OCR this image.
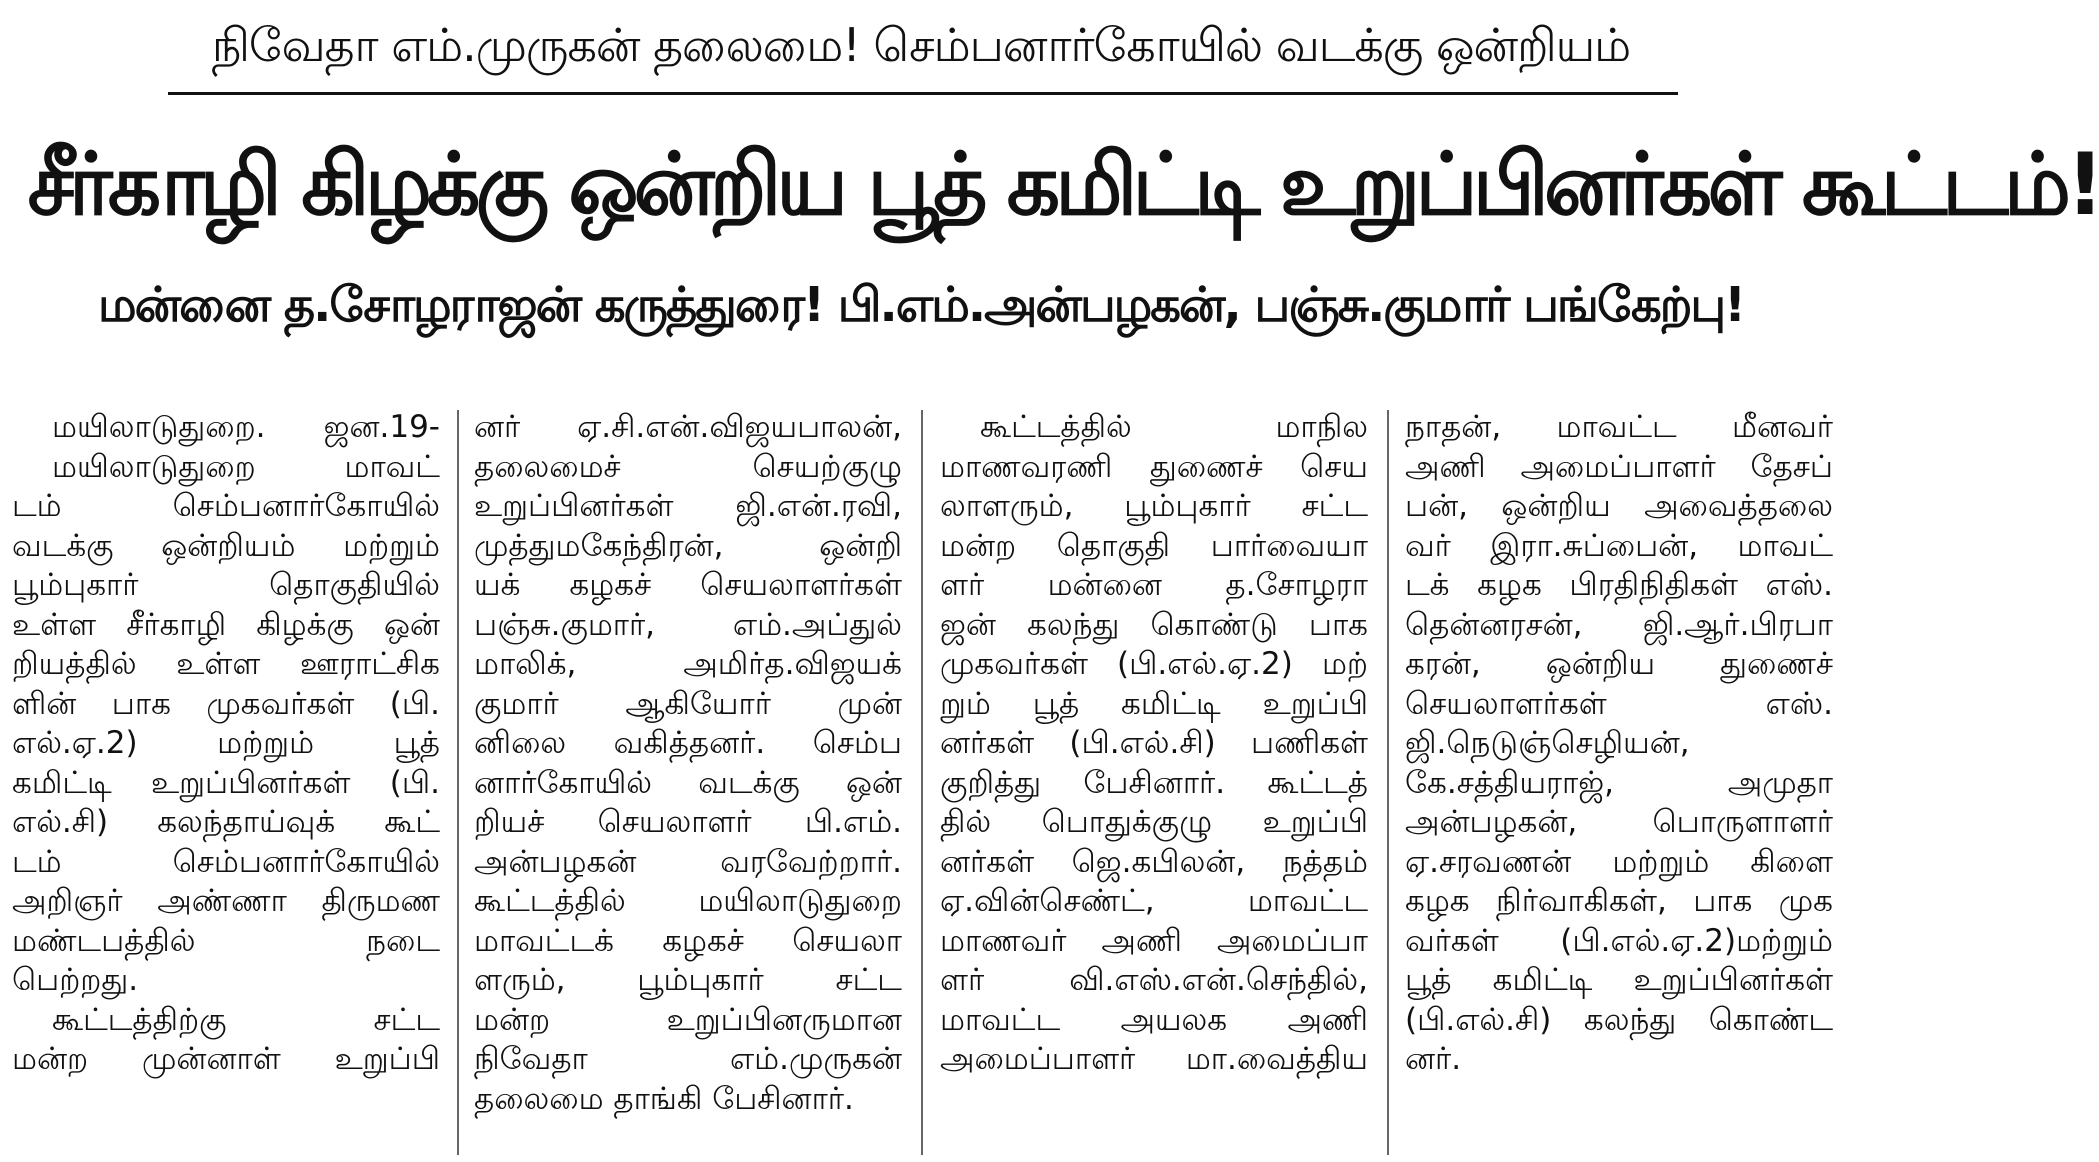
நிவேதா எம்.முருகன் தலைமை! செம்பனார்கோயில் வடக்கு ஒன்றியம்
சீர்காழி கிழக்கு ஒன்றிய பூத் கமிட்டி உறுப்பினர்கள் கூட்டம்!
மன்னை த.சோழராஜன் கருத்துரை! பி.எம்.அன்பழகன், பஞ்சு.குமார் பங்கேற்பு!
மயிலாடுதுறை. ஜன.19-
மயிலாடுதுறை மாவட்
டம் செம்பனார்கோயில்
வடக்கு ஒன்றியம் மற்றும்
பூம்புகார் தொகுதியில்
உள்ள சீர்காழி கிழக்கு ஒன்
றியத்தில் உள்ள ஊராட்சிக
ளின் பாக முகவர்கள் (பி.
எல்.ஏ.2) மற்றும் பூத்
கமிட்டி உறுப்பினர்கள் (பி.
எல்.சி) கலந்தாய்வுக் கூட்
டம் செம்பனார்கோயில்
அறிஞர் அண்ணா திருமண
மண்டபத்தில் நடை
பெற்றது.
கூட்டத்திற்கு சட்ட
மன்ற முன்னாள் உறுப்பி
னர் ஏ.சி.என்.விஜயபாலன்,
தலைமைச் செயற்குழு
உறுப்பினர்கள் ஜி.என்.ரவி,
முத்துமகேந்திரன், ஒன்றி
யக் கழகச் செயலாளர்கள்
பஞ்சு.குமார், எம்.அப்துல்
மாலிக், அமிர்த.விஜயக்
குமார் ஆகியோர் முன்
னிலை வகித்தனர். செம்ப
னார்கோயில் வடக்கு ஒன்
றியச் செயலாளர் பி.எம்.
அன்பழகன் வரவேற்றார்.
கூட்டத்தில் மயிலாடுதுறை
மாவட்டக் கழகச் செயலா
ளரும், பூம்புகார் சட்ட
மன்ற உறுப்பினருமான
நிவேதா எம்.முருகன்
தலைமை தாங்கி பேசினார்.
கூட்டத்தில் மாநில
மாணவரணி துணைச் செய
லாளரும், பூம்புகார் சட்ட
மன்ற தொகுதி பார்வையா
ளர் மன்னை த.சோழரா
ஜன் கலந்து கொண்டு பாக
முகவர்கள் (பி.எல்.ஏ.2) மற்
றும் பூத் கமிட்டி உறுப்பி
னர்கள் (பி.எல்.சி) பணிகள்
குறித்து பேசினார். கூட்டத்
தில் பொதுக்குழு உறுப்பி
னர்கள் ஜெ.கபிலன், நத்தம்
ஏ.வின்செண்ட், மாவட்ட
மாணவர் அணி அமைப்பா
ளர் வி.எஸ்.என்.செந்தில்,
மாவட்ட அயலக அணி
அமைப்பாளர் மா.வைத்திய
நாதன், மாவட்ட மீனவர்
அணி அமைப்பாளர் தேசப்
பன், ஒன்றிய அவைத்தலை
வர் இரா.சுப்பைன், மாவட்
டக் கழக பிரதிநிதிகள் எஸ்.
தென்னரசன், ஜி.ஆர்.பிரபா
கரன், ஒன்றிய துணைச்
செயலாளர்கள் எஸ்.
ஜி.நெடுஞ்செழியன்,
கே.சத்தியராஜ், அமுதா
அன்பழகன், பொருளாளர்
ஏ.சரவணன் மற்றும் கிளை
கழக நிர்வாகிகள், பாக முக
வர்கள் (பி.எல்.ஏ.2)மற்றும்
பூத் கமிட்டி உறுப்பினர்கள்
(பி.எல்.சி) கலந்து கொண்ட
னர்.
